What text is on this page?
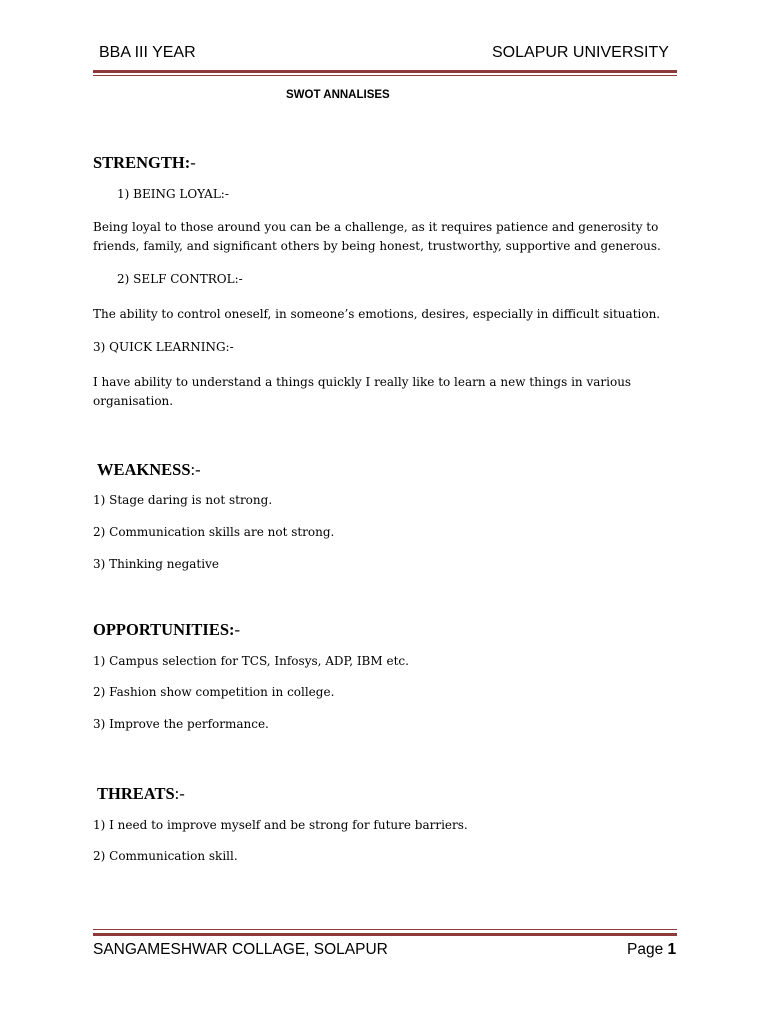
BBA III YEAR	SOLAPUR UNIVERSITY
SWOT ANNALISES
STRENGTH:-
1) BEING LOYAL:-

Being loyal to those around you can be a challenge, as it requires patience and generosity to friends, family, and significant others by being honest, trustworthy, supportive and generous.

2) SELF CONTROL:-

The ability to control oneself, in someone’s emotions, desires, especially in difficult situation.

3) QUICK LEARNING:-

I have ability to understand a things quickly I really like to learn a new things in various organisation.

WEAKNESS:-
1) Stage daring is not strong.
2) Communication skills are not strong.
3) Thinking negative
OPPORTUNITIES:-
1) Campus selection for TCS, Infosys, ADP, IBM etc.
2) Fashion show competition in college.
3) Improve the performance.
THREATS:-
1) I need to improve myself and be strong for future barriers.
2) Communication skill.
SANGAMESHWAR COLLAGE, SOLAPUR	Page 1
